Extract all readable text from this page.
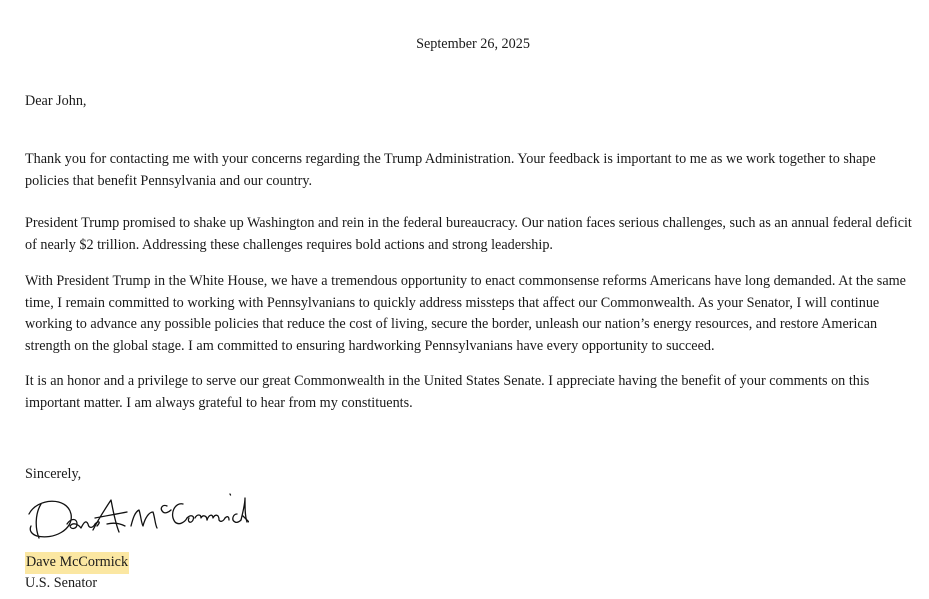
September 26, 2025
Dear John,

Thank you for contacting me with your concerns regarding the Trump Administration. Your feedback is important to me as we work together to shape policies that benefit Pennsylvania and our country.

President Trump promised to shake up Washington and rein in the federal bureaucracy. Our nation faces serious challenges, such as an annual federal deficit of nearly $2 trillion. Addressing these challenges requires bold actions and strong leadership.

With President Trump in the White House, we have a tremendous opportunity to enact commonsense reforms Americans have long demanded. At the same time, I remain committed to working with Pennsylvanians to quickly address missteps that affect our Commonwealth. As your Senator, I will continue working to advance any possible policies that reduce the cost of living, secure the border, unleash our nation’s energy resources, and restore American strength on the global stage. I am committed to ensuring hardworking Pennsylvanians have every opportunity to succeed.

It is an honor and a privilege to serve our great Commonwealth in the United States Senate. I appreciate having the benefit of your comments on this important matter. I am always grateful to hear from my constituents.

Sincerely,
Dave McCormick
U.S. Senator
